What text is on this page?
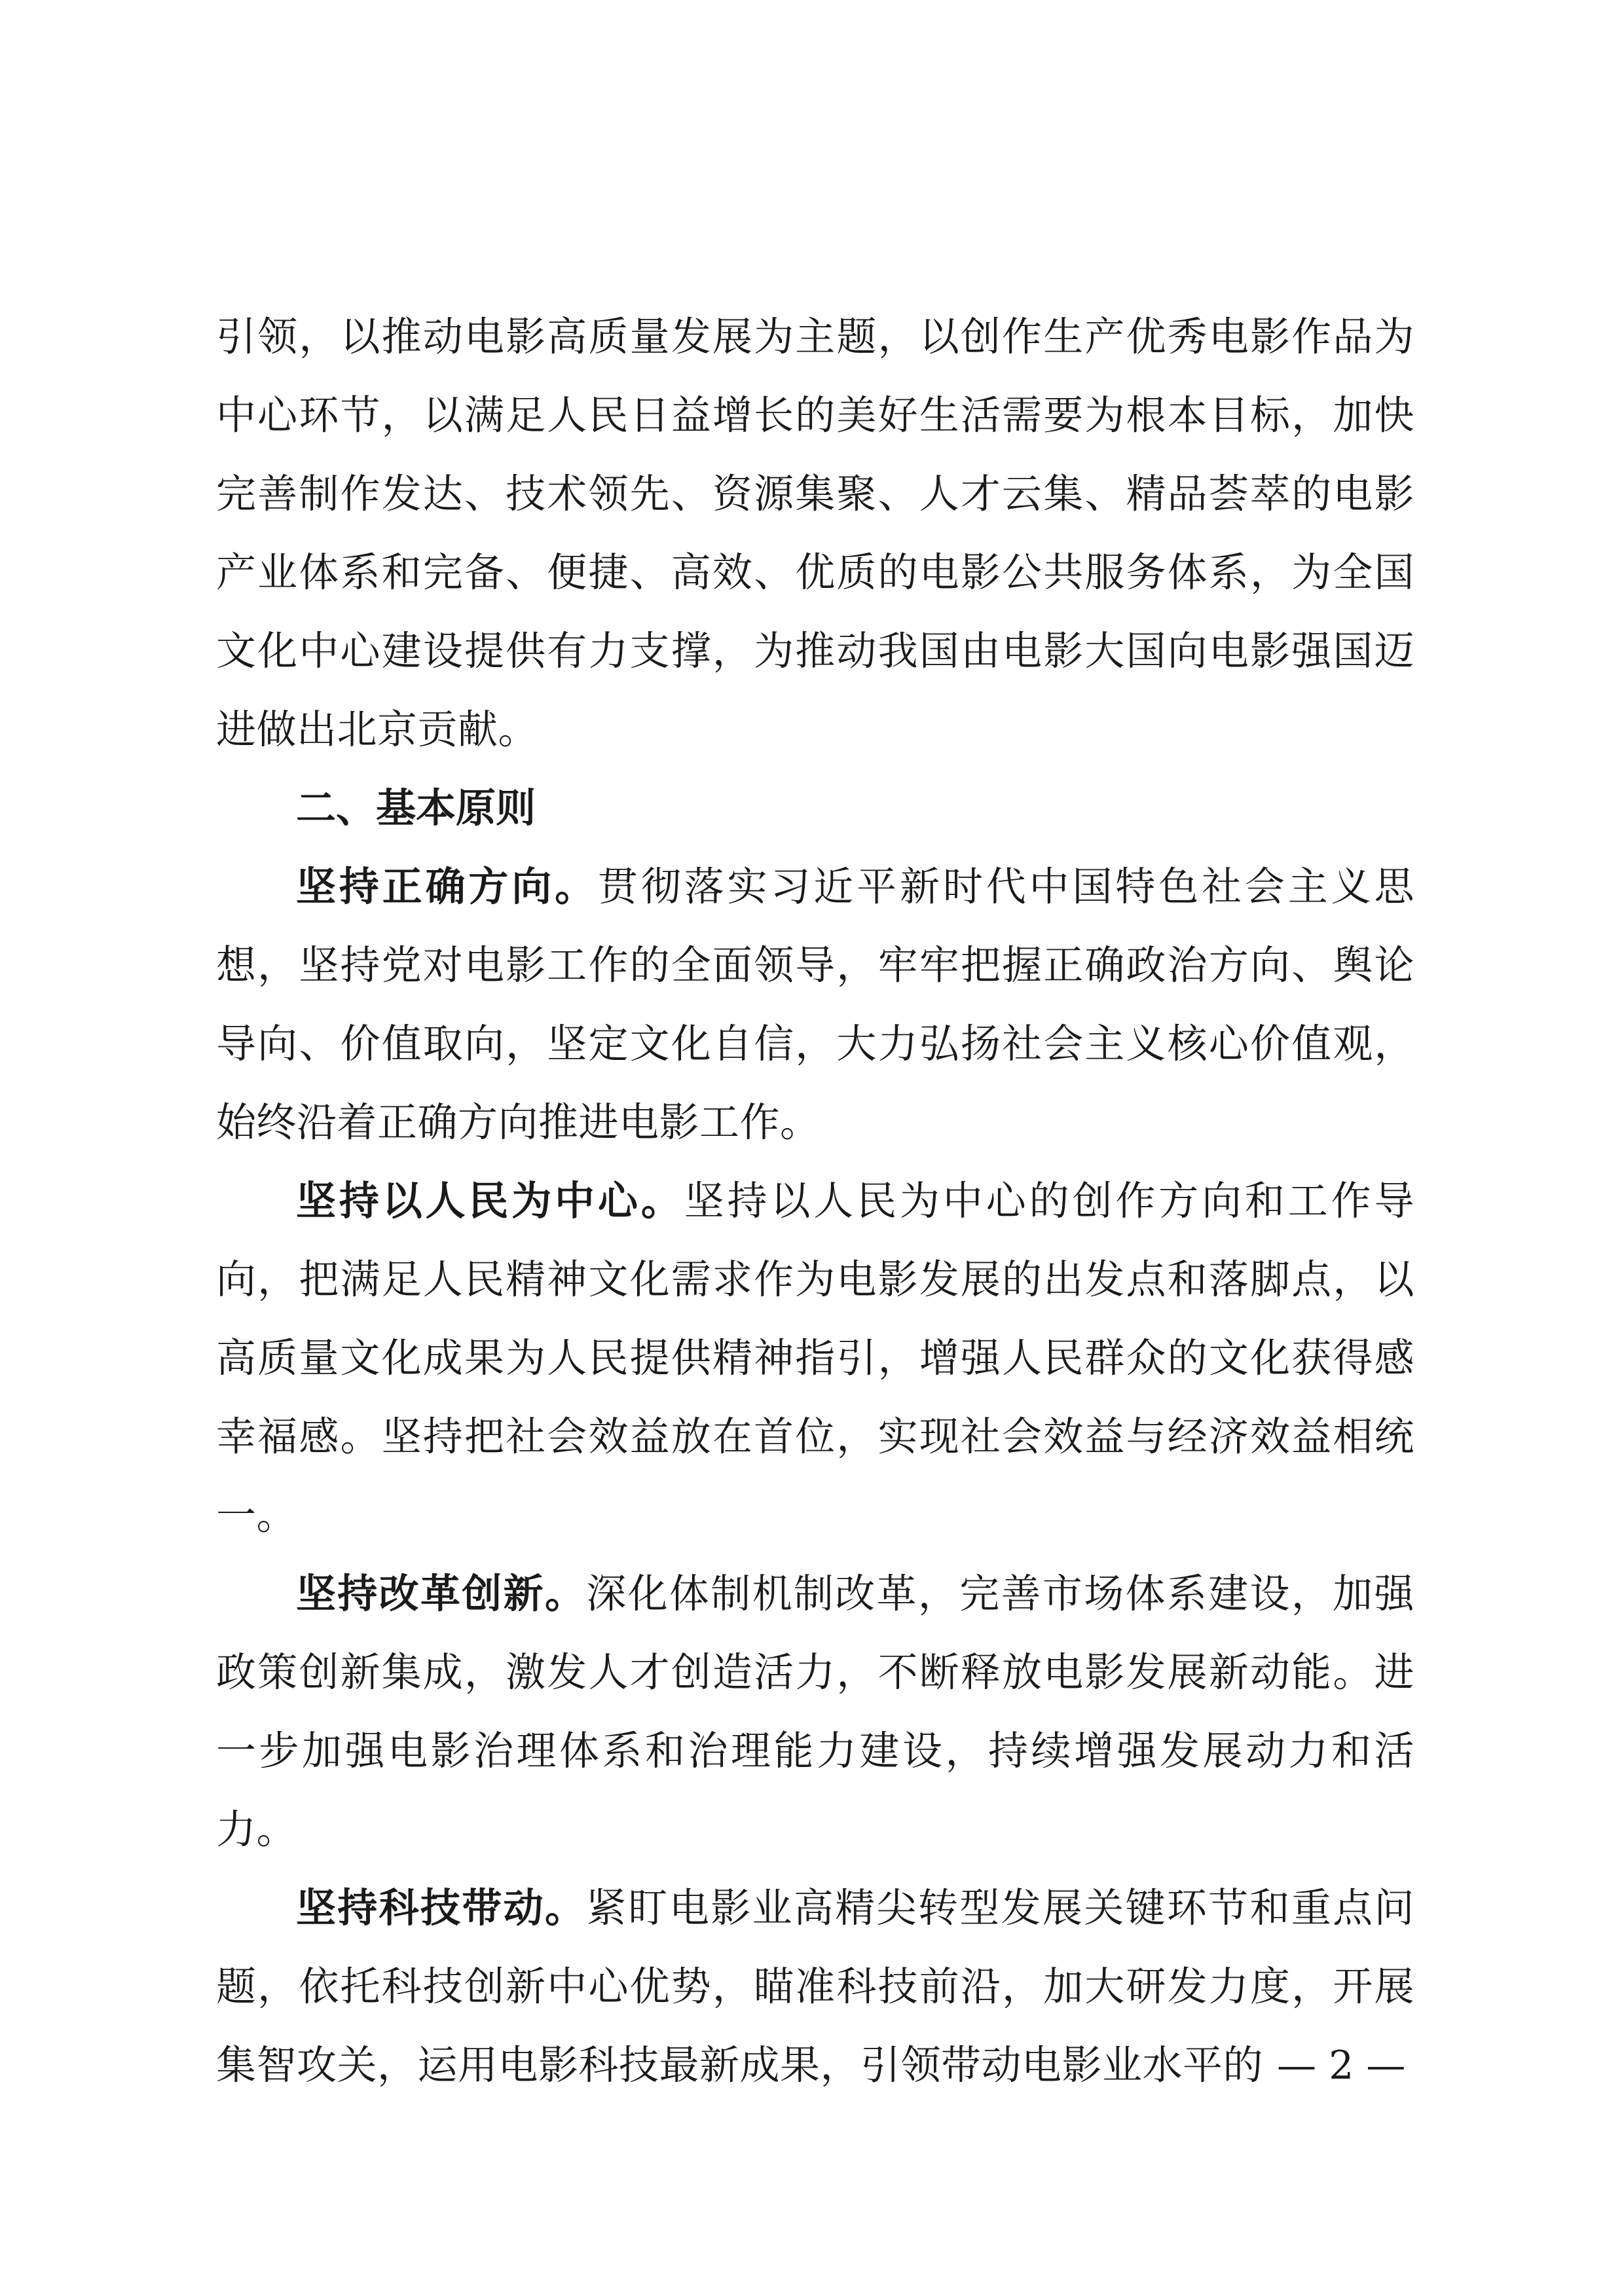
引领，以推动电影高质量发展为主题，以创作生产优秀电影作品为中心环节，以满足人民日益增长的美好生活需要为根本目标，加快完善制作发达、技术领先、资源集聚、人才云集、精品荟萃的电影产业体系和完备、便捷、高效、优质的电影公共服务体系，为全国文化中心建设提供有力支撑，为推动我国由电影大国向电影强国迈进做出北京贡献。

二、基本原则

坚持正确方向。贯彻落实习近平新时代中国特色社会主义思想，坚持党对电影工作的全面领导，牢牢把握正确政治方向、舆论导向、价值取向，坚定文化自信，大力弘扬社会主义核心价值观，始终沿着正确方向推进电影工作。

坚持以人民为中心。坚持以人民为中心的创作方向和工作导向，把满足人民精神文化需求作为电影发展的出发点和落脚点，以高质量文化成果为人民提供精神指引，增强人民群众的文化获得感幸福感。坚持把社会效益放在首位，实现社会效益与经济效益相统一。

坚持改革创新。深化体制机制改革，完善市场体系建设，加强政策创新集成，激发人才创造活力，不断释放电影发展新动能。进一步加强电影治理体系和治理能力建设，持续增强发展动力和活力。

坚持科技带动。紧盯电影业高精尖转型发展关键环节和重点问题，依托科技创新中心优势，瞄准科技前沿，加大研发力度，开展集智攻关，运用电影科技最新成果，引领带动电影业水平的 — 2 —
